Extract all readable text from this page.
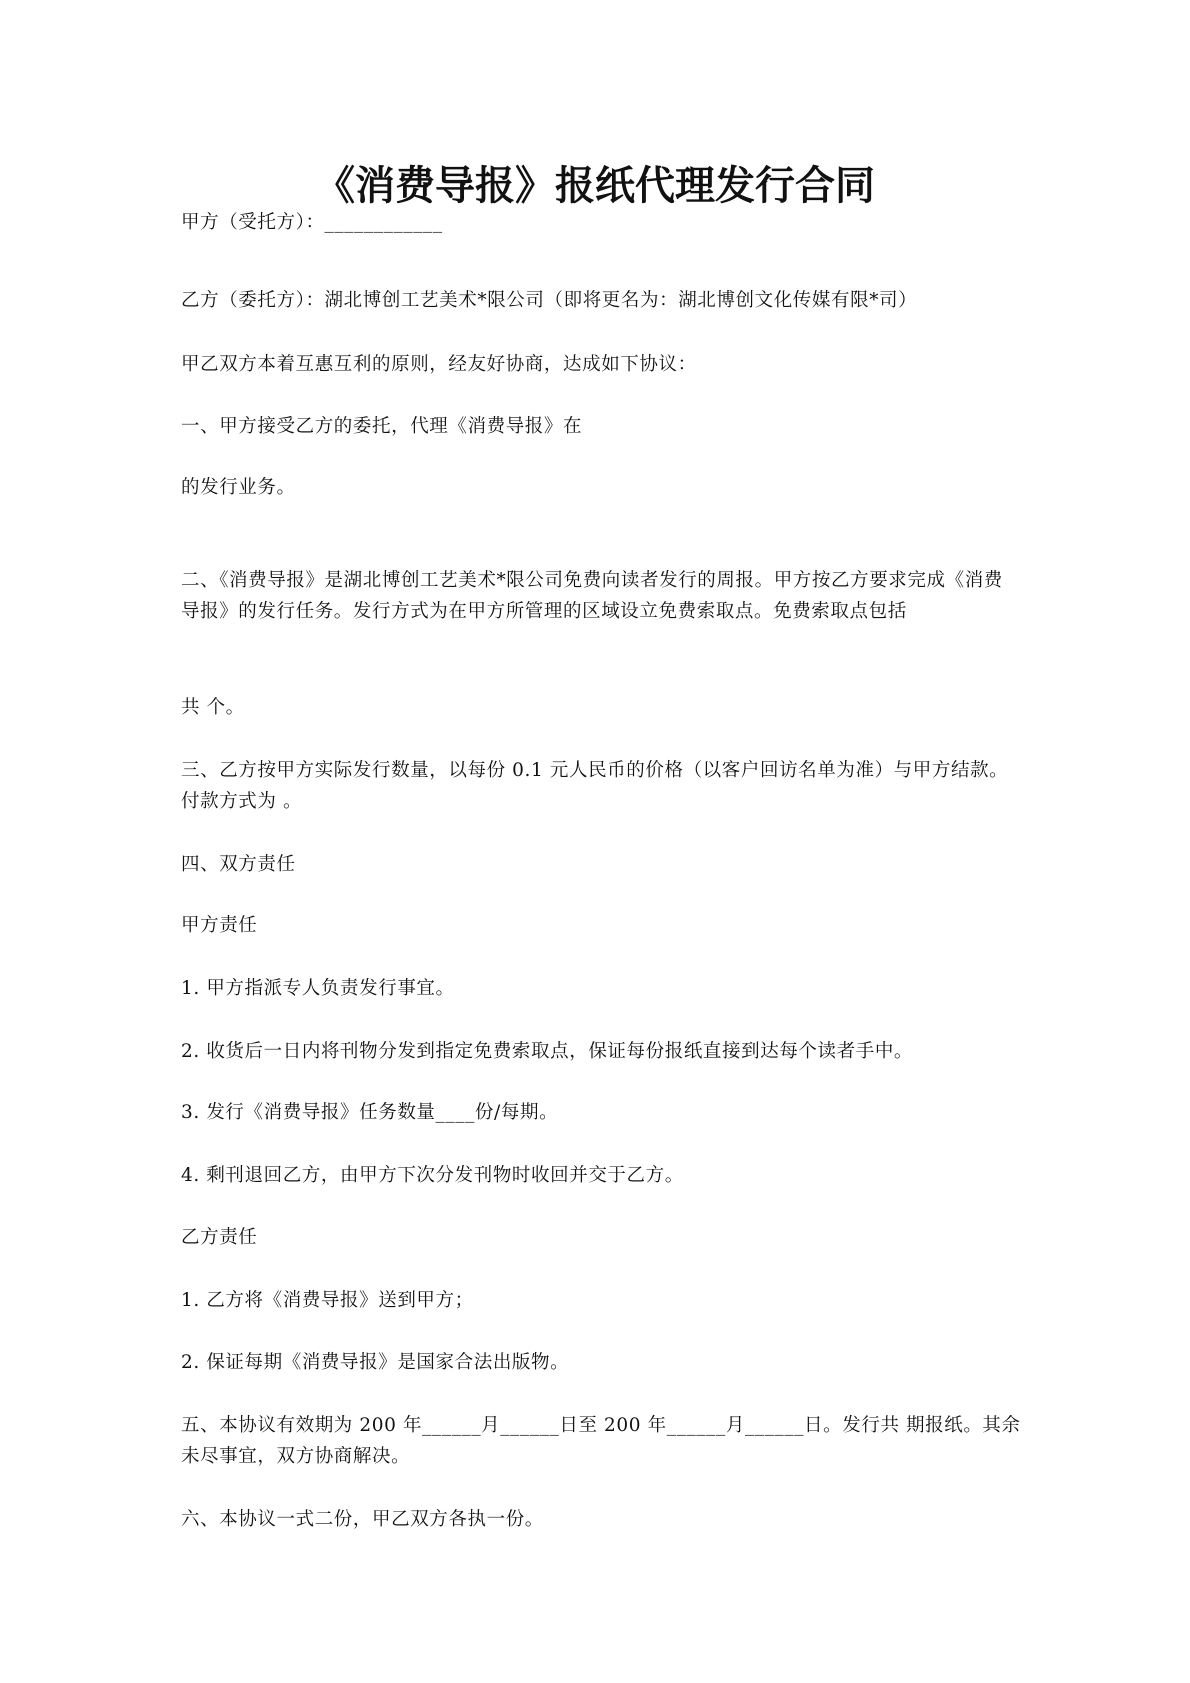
《消费导报》报纸代理发行合同
甲方（受托方）：____________
乙方（委托方）：湖北博创工艺美术*限公司（即将更名为：湖北博创文化传媒有限*司）
甲乙双方本着互惠互利的原则，经友好协商，达成如下协议：
一、甲方接受乙方的委托，代理《消费导报》在
的发行业务。
二、《消费导报》是湖北博创工艺美术*限公司免费向读者发行的周报。甲方按乙方要求完成《消费导报》的发行任务。发行方式为在甲方所管理的区域设立免费索取点。免费索取点包括
共 个。
三、乙方按甲方实际发行数量，以每份 0.1 元人民币的价格（以客户回访名单为准）与甲方结款。付款方式为 。
四、双方责任
甲方责任
1. 甲方指派专人负责发行事宜。
2. 收货后一日内将刊物分发到指定免费索取点，保证每份报纸直接到达每个读者手中。
3. 发行《消费导报》任务数量____份/每期。
4. 剩刊退回乙方，由甲方下次分发刊物时收回并交于乙方。
乙方责任
1. 乙方将《消费导报》送到甲方；
2. 保证每期《消费导报》是国家合法出版物。
五、本协议有效期为 200 年______月______日至 200 年______月______日。发行共 期报纸。其余未尽事宜，双方协商解决。
六、本协议一式二份，甲乙双方各执一份。
